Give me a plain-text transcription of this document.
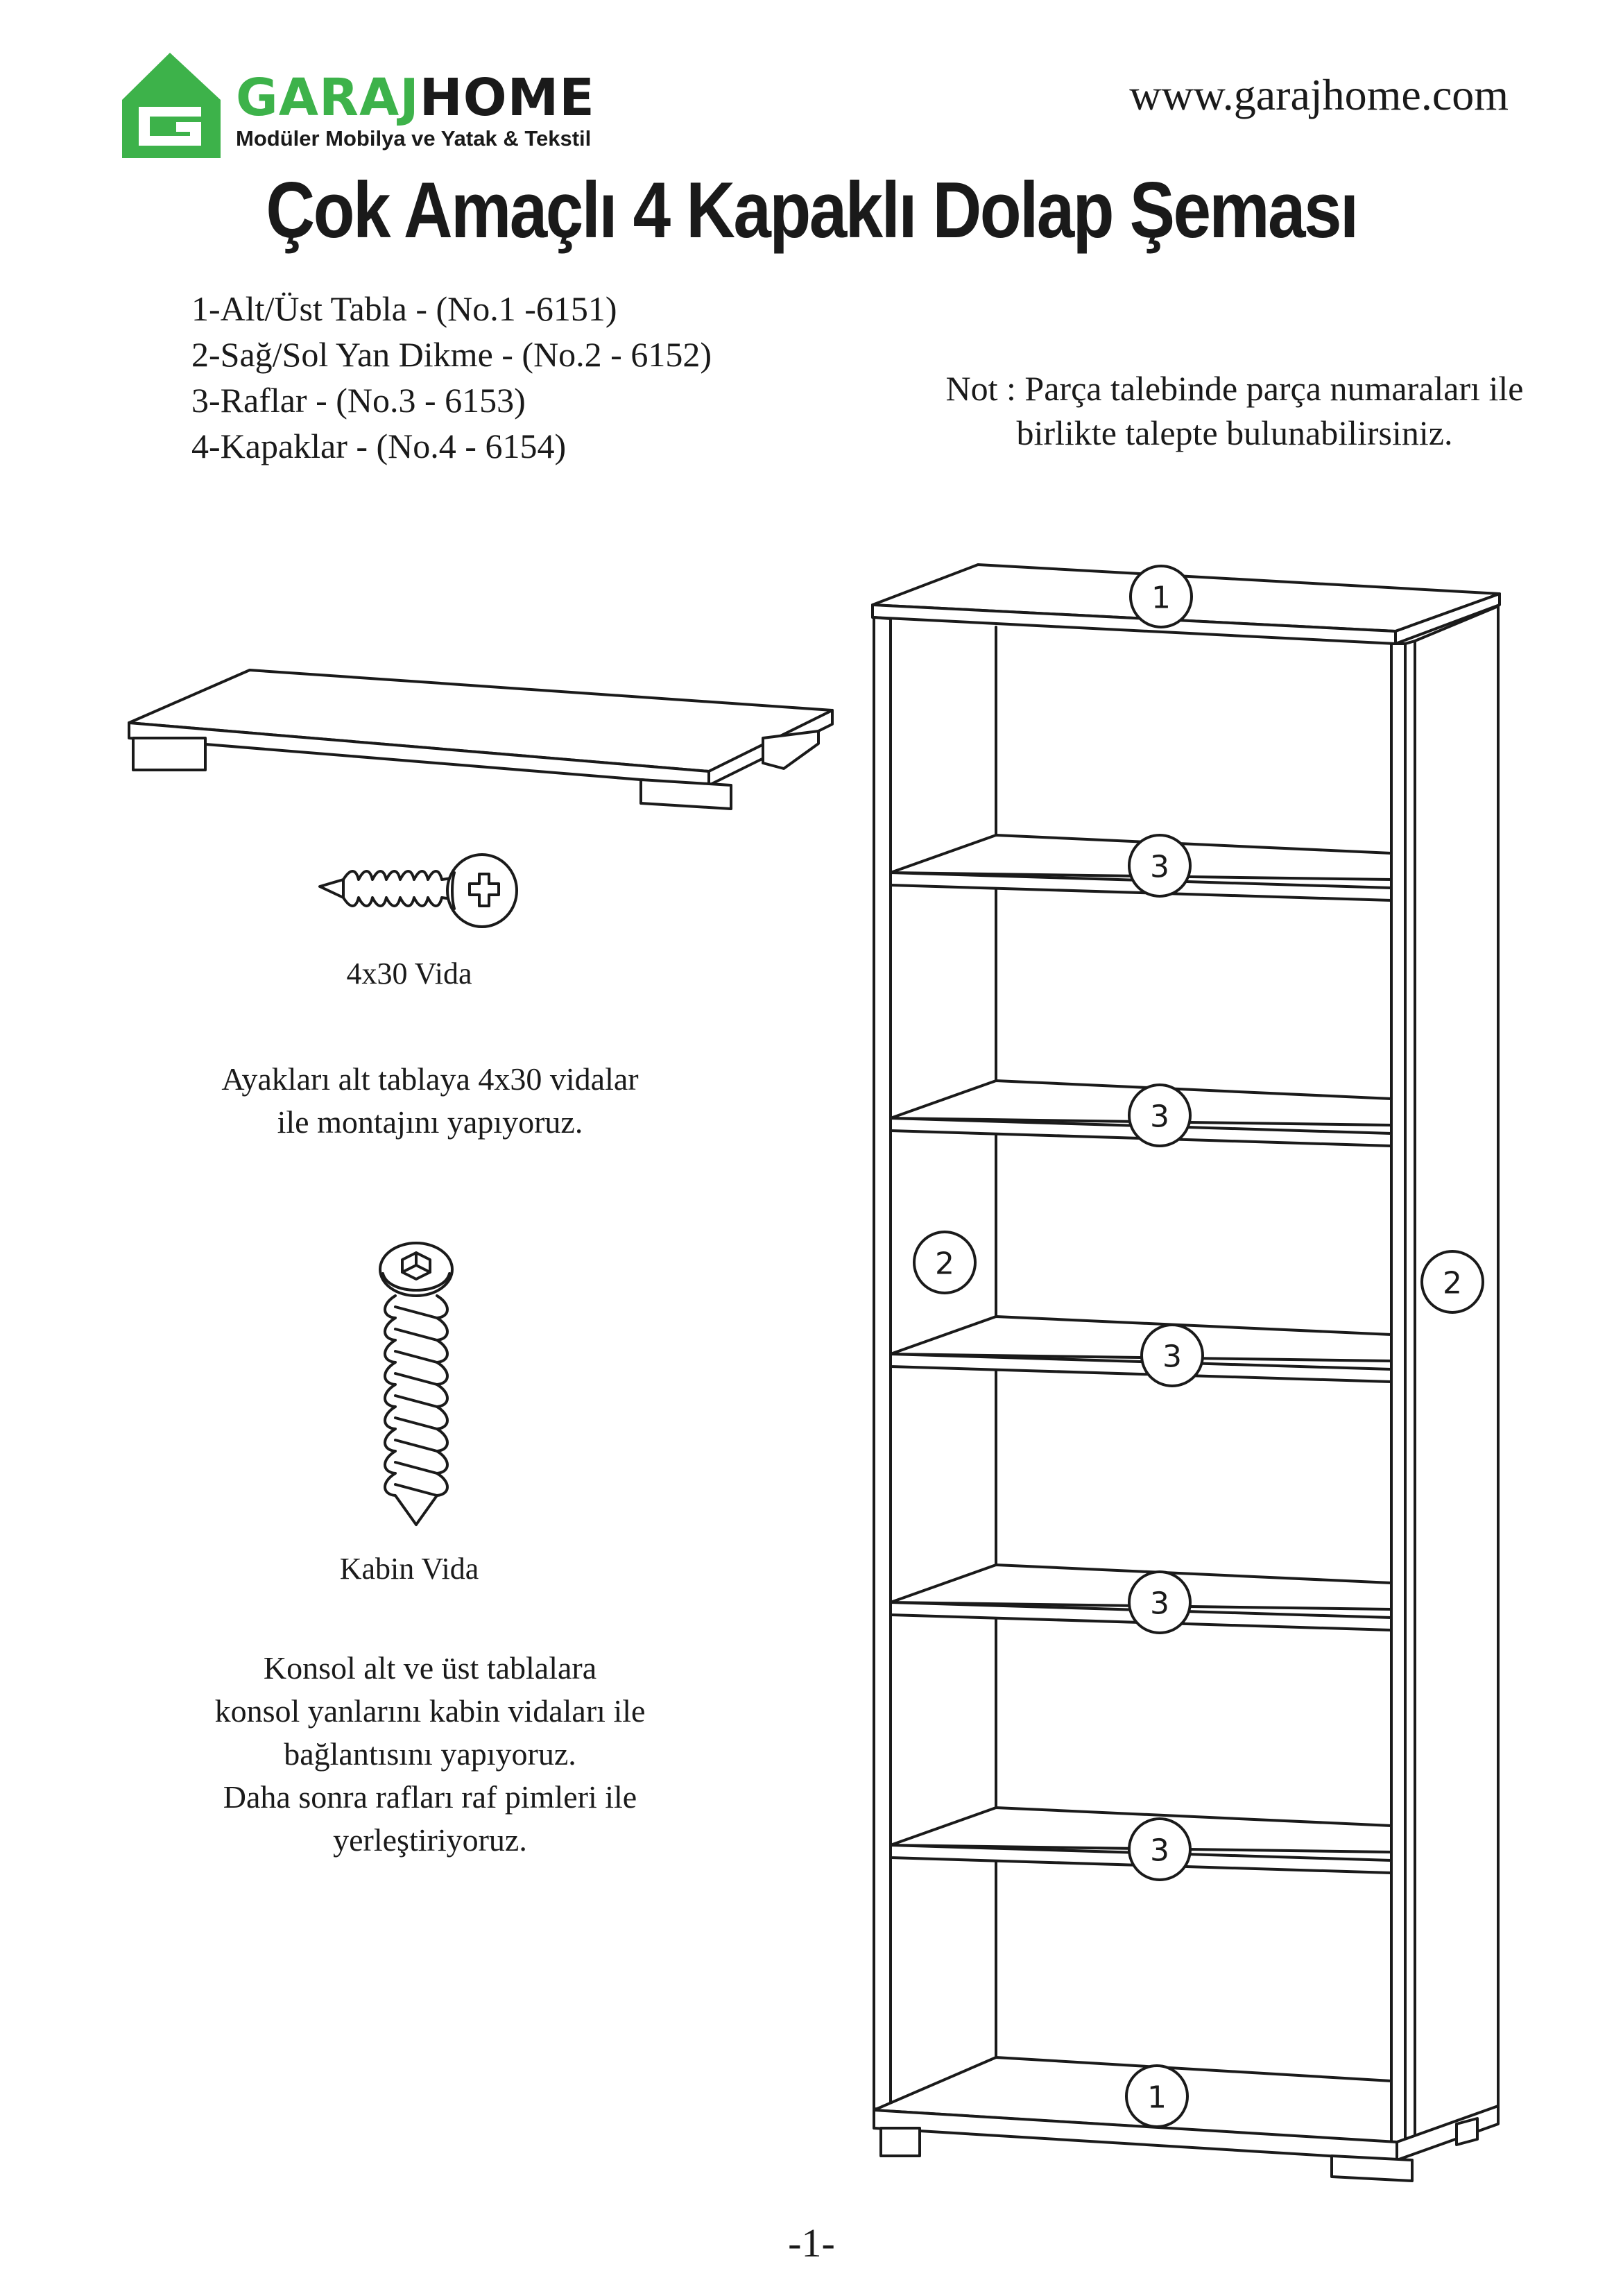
GARAJHOME
Modüler Mobilya ve Yatak & Tekstil
www.garajhome.com
Çok Amaçlı 4 Kapaklı Dolap Şeması
1-Alt/Üst Tabla - (No.1 -6151)
2-Sağ/Sol Yan Dikme - (No.2 - 6152)
3-Raflar - (No.3 - 6153)
4-Kapaklar - (No.4 - 6154)
Not : Parça talebinde parça numaraları ile
birlikte talepte bulunabilirsiniz.
4x30 Vida
Ayakları alt tablaya 4x30 vidalar
ile montajını yapıyoruz.
Kabin Vida
Konsol alt ve üst tablalara
konsol yanlarını kabin vidaları ile
bağlantısını yapıyoruz.
Daha sonra rafları raf pimleri ile
yerleştiriyoruz.
1
3
3
3
3
3
2
2
1
-1-
